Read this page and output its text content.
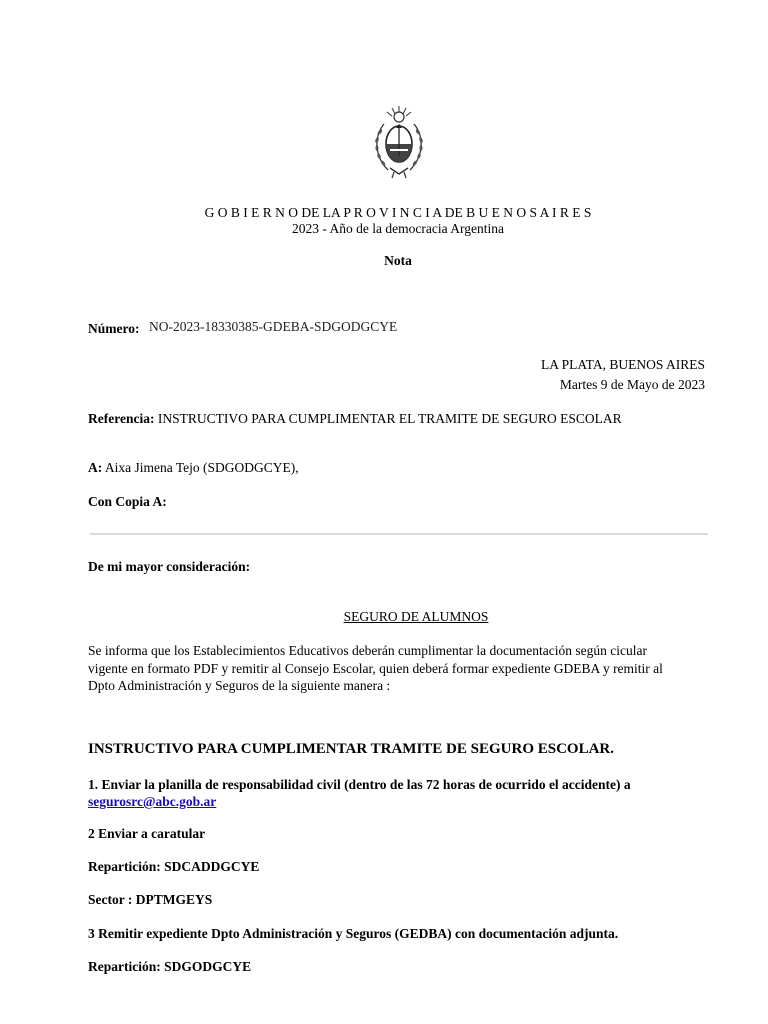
G O B I E R N O DE LA P R O V I N C I A DE B U E N O S A I R E S
2023 - Año de la democracia Argentina
Nota
Número: NO-2023-18330385-GDEBA-SDGODGCYE
LA PLATA, BUENOS AIRES
Martes 9 de Mayo de 2023
Referencia: INSTRUCTIVO PARA CUMPLIMENTAR EL TRAMITE DE SEGURO ESCOLAR
A: Aixa Jimena Tejo (SDGODGCYE),
Con Copia A:
De mi mayor consideración:
SEGURO DE ALUMNOS
Se informa que los Establecimientos Educativos deberán cumplimentar la documentación según cicular
vigente en formato PDF y remitir al Consejo Escolar, quien deberá formar expediente GDEBA y remitir al
Dpto Administración y Seguros de la siguiente manera :
INSTRUCTIVO PARA CUMPLIMENTAR TRAMITE DE SEGURO ESCOLAR.
1. Enviar la planilla de responsabilidad civil (dentro de las 72 horas de ocurrido el accidente) a
segurosrc@abc.gob.ar
2 Enviar a caratular
Repartición: SDCADDGCYE
Sector : DPTMGEYS
3 Remitir expediente Dpto Administración y Seguros (GEDBA) con documentación adjunta.
Repartición: SDGODGCYE
